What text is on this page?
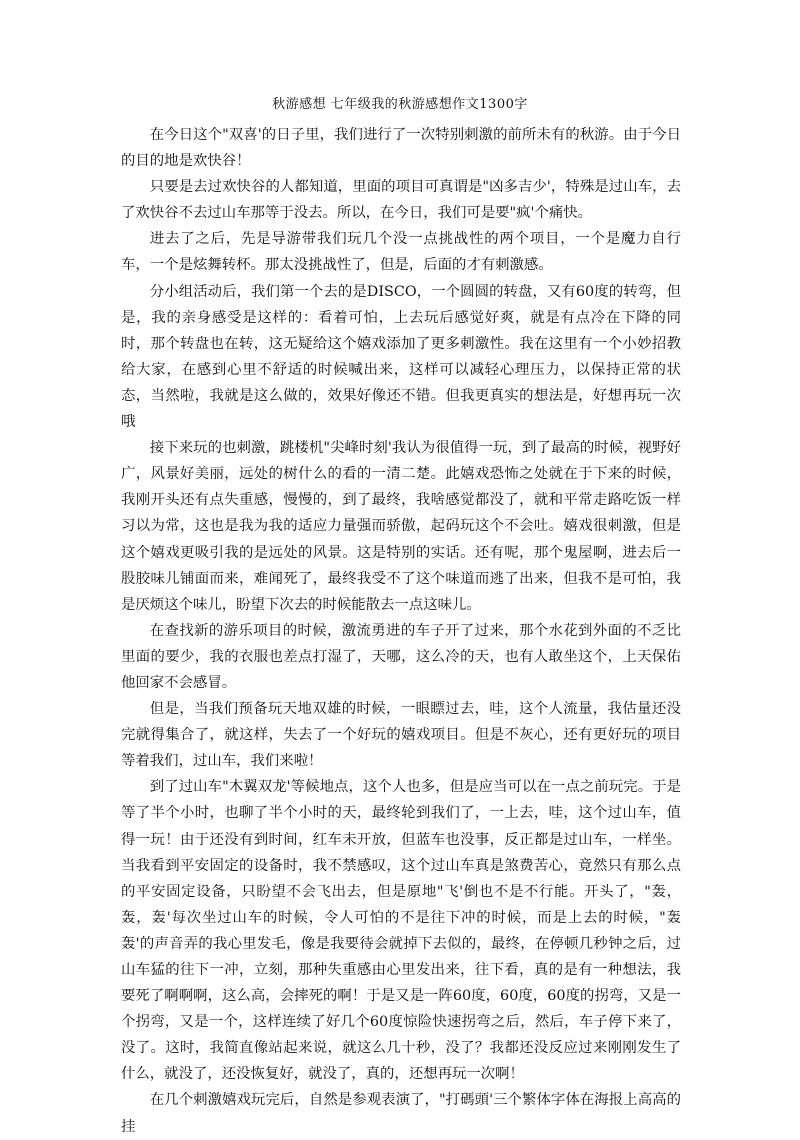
秋游感想 七年级我的秋游感想作文1300字

在今日这个"双喜'的日子里，我们进行了一次特别刺激的前所未有的秋游。由于今日的目的地是欢快谷！

只要是去过欢快谷的人都知道，里面的项目可真谓是"凶多吉少'，特殊是过山车，去了欢快谷不去过山车那等于没去。所以，在今日，我们可是要"疯'个痛快。

进去了之后，先是导游带我们玩几个没一点挑战性的两个项目，一个是魔力自行车，一个是炫舞转杯。那太没挑战性了，但是，后面的才有刺激感。

分小组活动后，我们第一个去的是DISCO，一个圆圆的转盘，又有60度的转弯，但是，我的亲身感受是这样的：看着可怕，上去玩后感觉好爽，就是有点冷在下降的同时，那个转盘也在转，这无疑给这个嬉戏添加了更多刺激性。我在这里有一个小妙招教给大家，在感到心里不舒适的时候喊出来，这样可以减轻心理压力，以保持正常的状态，当然啦，我就是这么做的，效果好像还不错。但我更真实的想法是，好想再玩一次哦

接下来玩的也刺激，跳楼机"尖峰时刻'我认为很值得一玩，到了最高的时候，视野好广，风景好美丽，远处的树什么的看的一清二楚。此嬉戏恐怖之处就在于下来的时候，我刚开头还有点失重感，慢慢的，到了最终，我啥感觉都没了，就和平常走路吃饭一样习以为常，这也是我为我的适应力量强而骄傲，起码玩这个不会吐。嬉戏很刺激，但是这个嬉戏更吸引我的是远处的风景。这是特别的实话。还有呢，那个鬼屋啊，进去后一股胶味儿铺面而来，难闻死了，最终我受不了这个味道而逃了出来，但我不是可怕，我是厌烦这个味儿，盼望下次去的时候能散去一点这味儿。

在查找新的游乐项目的时候，激流勇进的车子开了过来，那个水花到外面的不乏比里面的要少，我的衣服也差点打湿了，天哪，这么冷的天，也有人敢坐这个，上天保佑他回家不会感冒。

但是，当我们预备玩天地双雄的时候，一眼瞟过去，哇，这个人流量，我估量还没完就得集合了，就这样，失去了一个好玩的嬉戏项目。但是不灰心，还有更好玩的项目等着我们，过山车，我们来啦！

到了过山车"木翼双龙'等候地点，这个人也多，但是应当可以在一点之前玩完。于是等了半个小时，也聊了半个小时的天，最终轮到我们了，一上去，哇，这个过山车，值得一玩！由于还没有到时间，红车未开放，但蓝车也没事，反正都是过山车，一样坐。当我看到平安固定的设备时，我不禁感叹，这个过山车真是煞费苦心，竟然只有那么点的平安固定设备，只盼望不会飞出去，但是原地"飞'倒也不是不行能。开头了，"轰，轰，轰'每次坐过山车的时候，令人可怕的不是往下冲的时候，而是上去的时候，"轰轰'的声音弄的我心里发毛，像是我要待会就掉下去似的，最终，在停顿几秒钟之后，过山车猛的往下一冲，立刻，那种失重感由心里发出来，往下看，真的是有一种想法，我要死了啊啊啊，这么高，会摔死的啊！于是又是一阵60度，60度，60度的拐弯，又是一个拐弯，又是一个，这样连续了好几个60度惊险快速拐弯之后，然后，车子停下来了，没了。这时，我简直像站起来说，就这么几十秒，没了？我都还没反应过来刚刚发生了什么，就没了，还没恢复好，就没了，真的，还想再玩一次啊！

在几个刺激嬉戏玩完后，自然是参观表演了，"打碼頭'三个繁体字体在海报上高高的挂
